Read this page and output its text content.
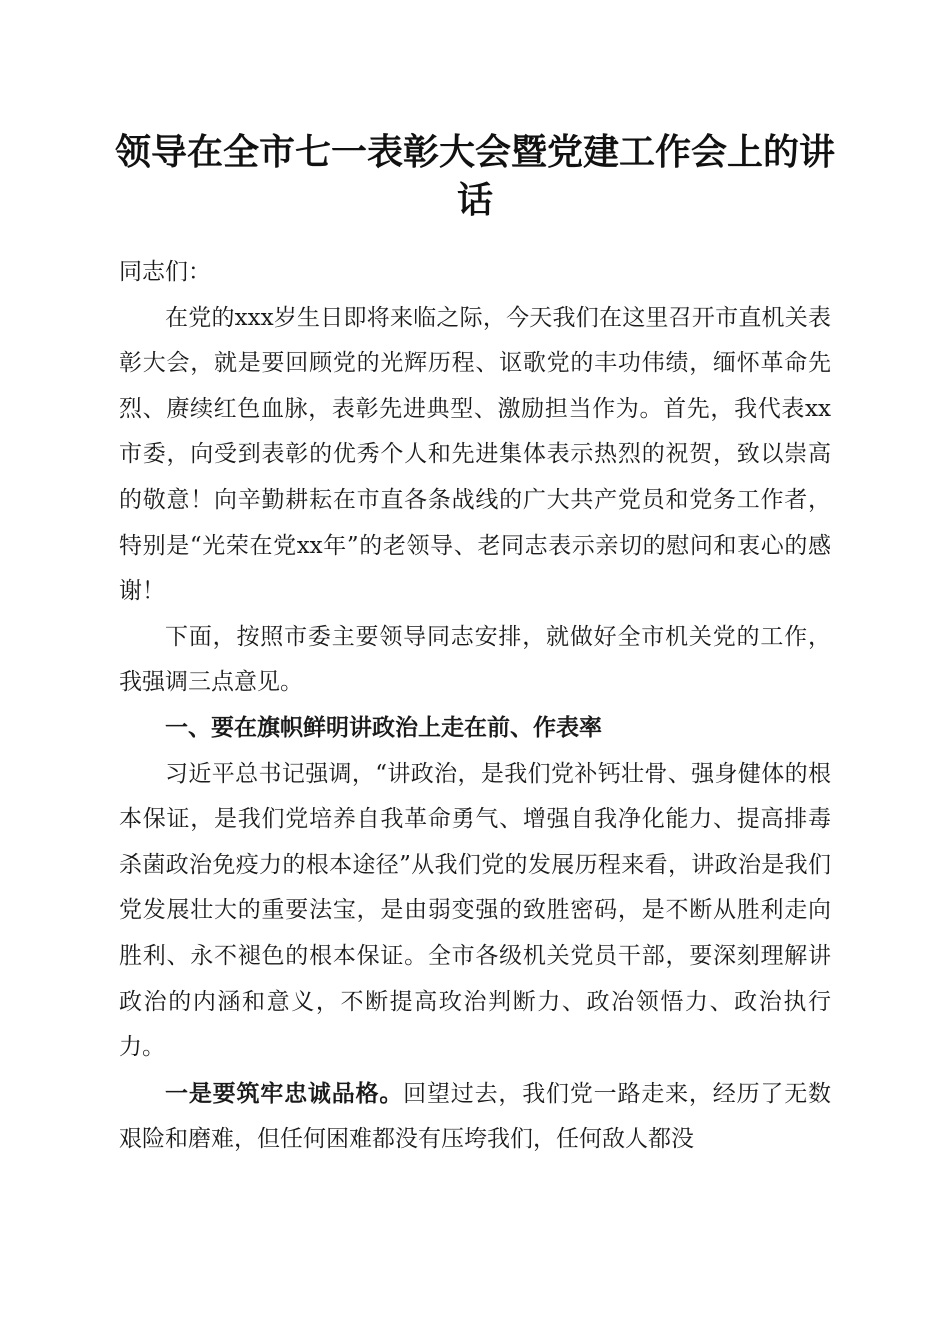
领导在全市七一表彰大会暨党建工作会上的讲话

同志们：

在党的xxx岁生日即将来临之际，今天我们在这里召开市直机关表彰大会，就是要回顾党的光辉历程、讴歌党的丰功伟绩，缅怀革命先烈、赓续红色血脉，表彰先进典型、激励担当作为。首先，我代表xx市委，向受到表彰的优秀个人和先进集体表示热烈的祝贺，致以崇高的敬意！向辛勤耕耘在市直各条战线的广大共产党员和党务工作者，特别是“光荣在党xx年”的老领导、老同志表示亲切的慰问和衷心的感谢！

下面，按照市委主要领导同志安排，就做好全市机关党的工作，我强调三点意见。

一、要在旗帜鲜明讲政治上走在前、作表率

习近平总书记强调，“讲政治，是我们党补钙壮骨、强身健体的根本保证，是我们党培养自我革命勇气、增强自我净化能力、提高排毒杀菌政治免疫力的根本途径”从我们党的发展历程来看，讲政治是我们党发展壮大的重要法宝，是由弱变强的致胜密码，是不断从胜利走向胜利、永不褪色的根本保证。全市各级机关党员干部，要深刻理解讲政治的内涵和意义，不断提高玫治判断力、政冶领悟力、政治执行力。

一是要筑牢忠诚品格。回望过去，我们党一路走来，经历了无数艰险和磨难，但任何困难都没有压垮我们，任何敌人都没
